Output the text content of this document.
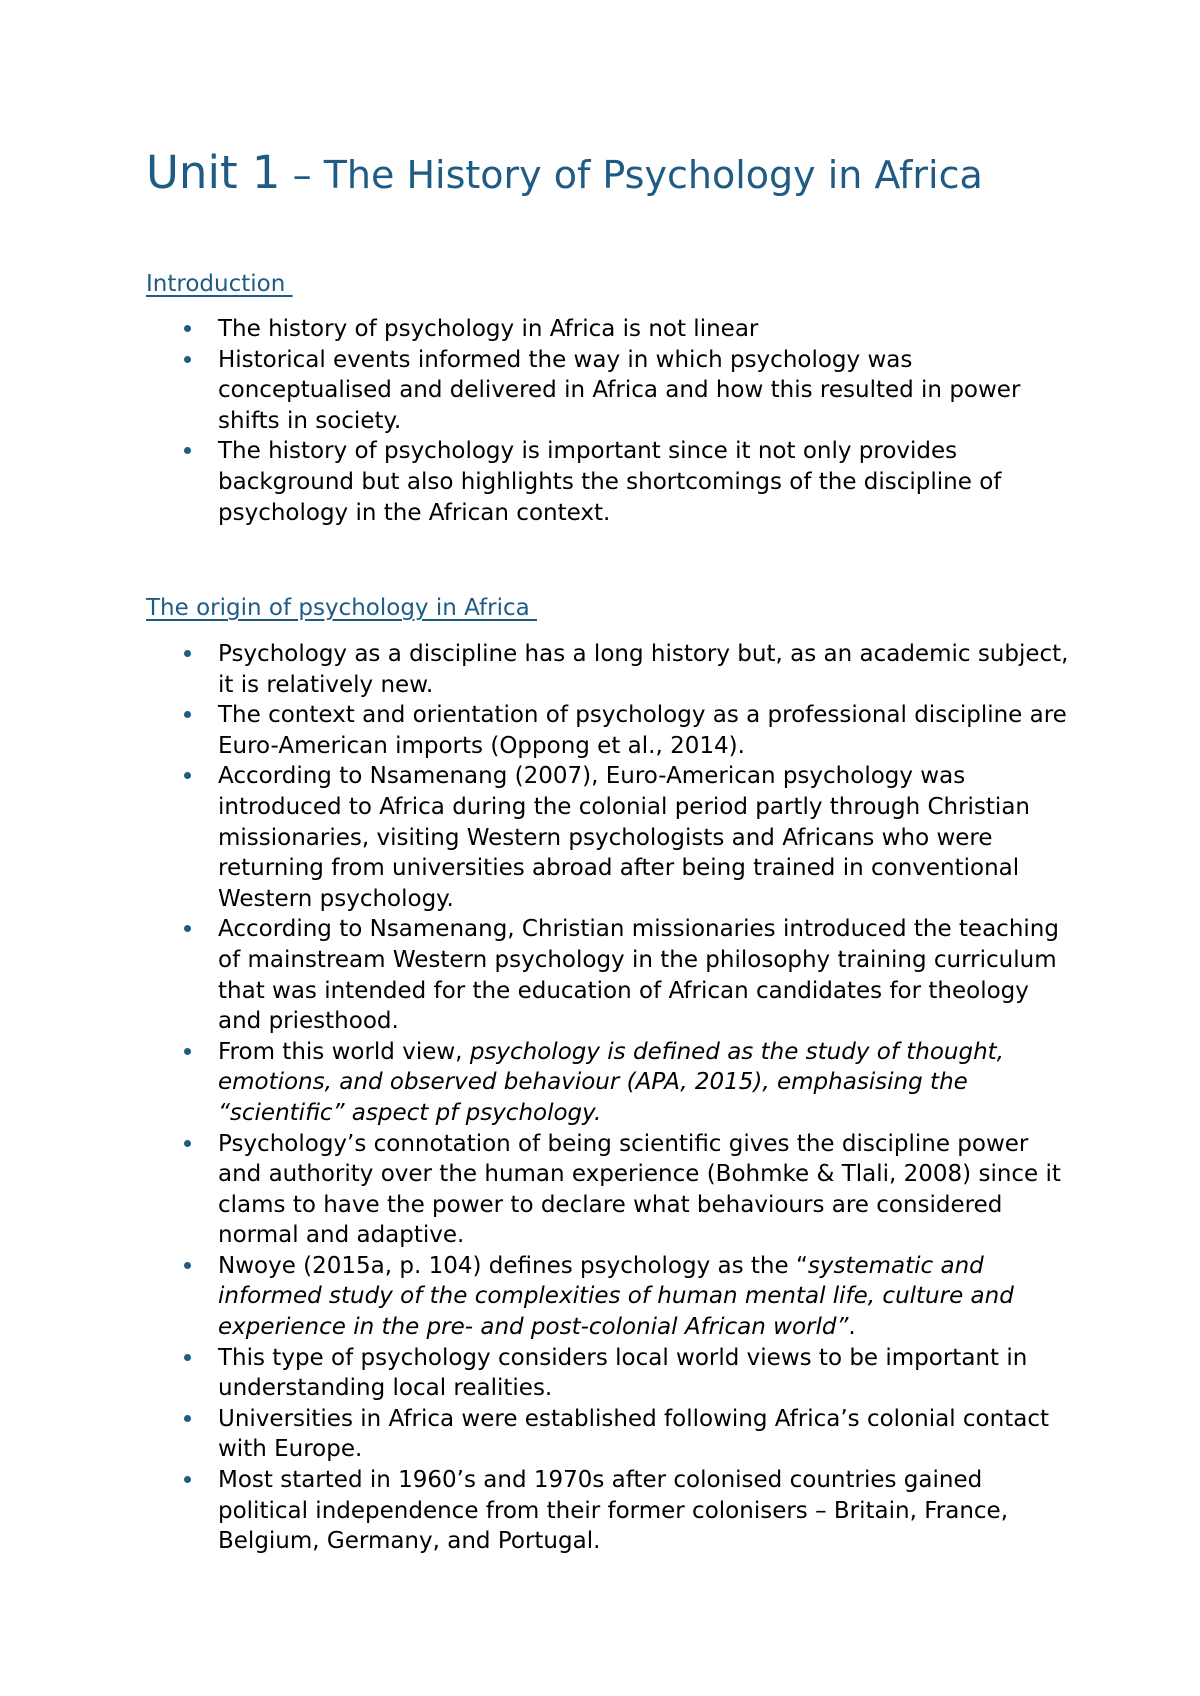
Unit 1 – The History of Psychology in Africa
Introduction
The history of psychology in Africa is not linear
Historical events informed the way in which psychology was conceptualised and delivered in Africa and how this resulted in power shifts in society.
The history of psychology is important since it not only provides background but also highlights the shortcomings of the discipline of psychology in the African context.
The origin of psychology in Africa
Psychology as a discipline has a long history but, as an academic subject, it is relatively new.
The context and orientation of psychology as a professional discipline are Euro-American imports (Oppong et al., 2014).
According to Nsamenang (2007), Euro-American psychology was introduced to Africa during the colonial period partly through Christian missionaries, visiting Western psychologists and Africans who were returning from universities abroad after being trained in conventional Western psychology.
According to Nsamenang, Christian missionaries introduced the teaching of mainstream Western psychology in the philosophy training curriculum that was intended for the education of African candidates for theology and priesthood.
From this world view, psychology is defined as the study of thought, emotions, and observed behaviour (APA, 2015), emphasising the “scientific” aspect pf psychology.
Psychology’s connotation of being scientific gives the discipline power and authority over the human experience (Bohmke & Tlali, 2008) since it clams to have the power to declare what behaviours are considered normal and adaptive.
Nwoye (2015a, p. 104) defines psychology as the “systematic and informed study of the complexities of human mental life, culture and experience in the pre- and post-colonial African world”.
This type of psychology considers local world views to be important in understanding local realities.
Universities in Africa were established following Africa’s colonial contact with Europe.
Most started in 1960’s and 1970s after colonised countries gained political independence from their former colonisers – Britain, France, Belgium, Germany, and Portugal.
